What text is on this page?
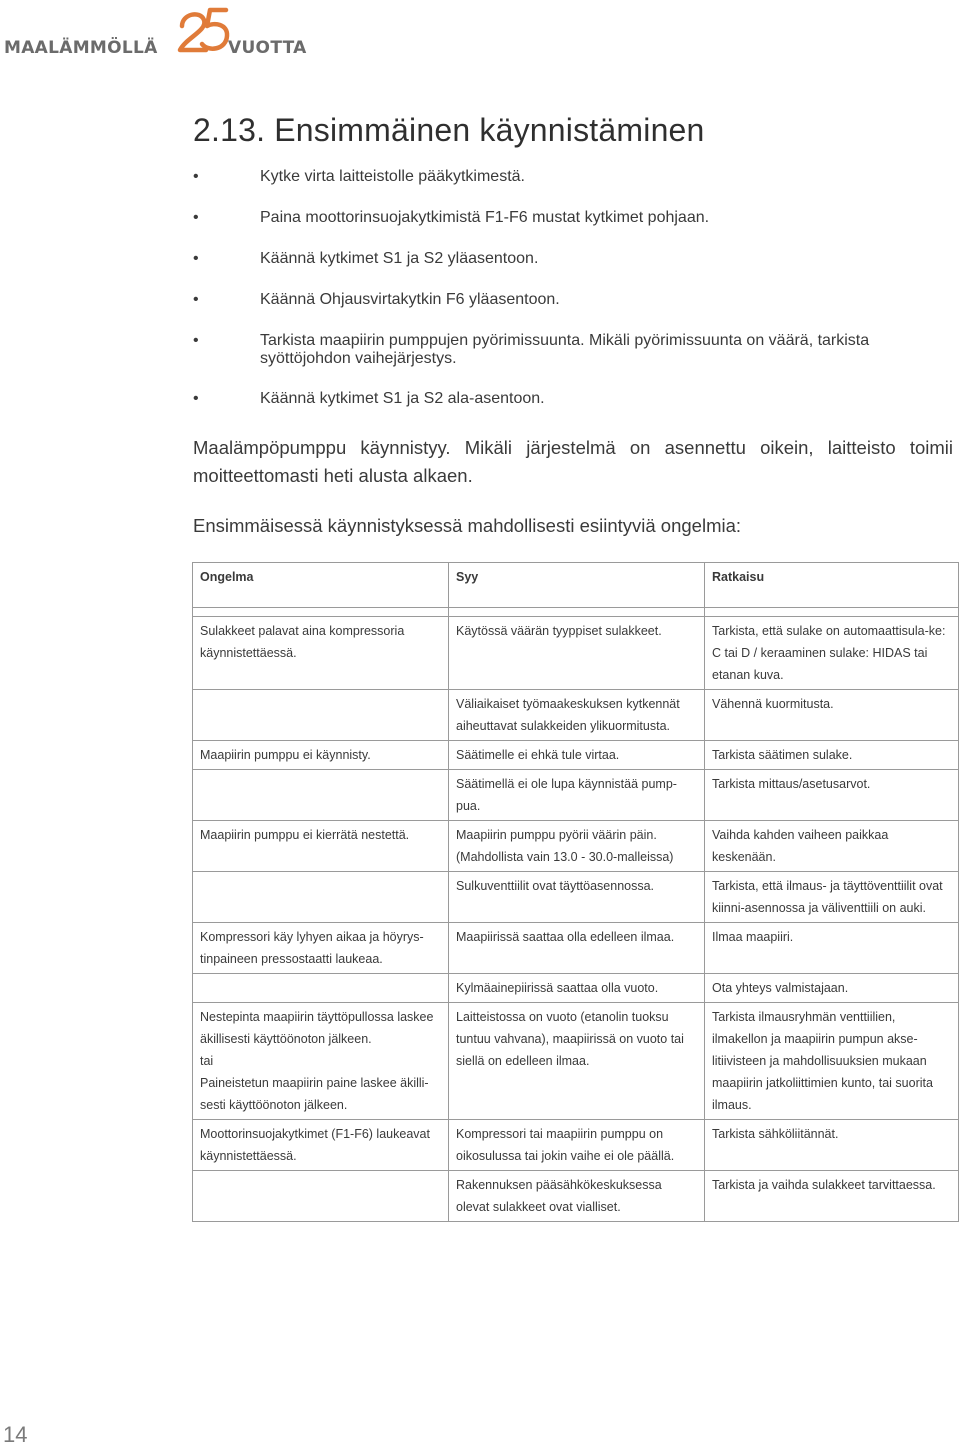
MAALÄMMÖLLÄ	25 VUOTTA
2.13. Ensimmäinen käynnistäminen
•	Kytke virta laitteistolle pääkytkimestä.
•	Paina moottorinsuojakytkimistä F1-F6 mustat kytkimet pohjaan.
•	Käännä kytkimet S1 ja S2 yläasentoon.
•	Käännä Ohjausvirtakytkin F6 yläasentoon.
•	Tarkista maapiirin pumppujen pyörimissuunta. Mikäli pyörimissuunta on väärä, tarkista syöttöjohdon vaihejärjestys.
•	Käännä kytkimet S1 ja S2 ala-asentoon.

Maalämpöpumppu käynnistyy. Mikäli järjestelmä on asennettu oikein, laitteisto toimii moitteettomasti heti alusta alkaen.

Ensimmäisessä käynnistyksessä mahdollisesti esiintyviä ongelmia:

Ongelma	Syy	Ratkaisu

Sulakkeet palavat aina kompressoria käynnistettäessä.	Käytössä väärän tyyppiset sulakkeet.	Tarkista, että sulake on automaattisula-ke: C tai D / keraaminen sulake: HIDAS tai etanan kuva.
	Väliaikaiset työmaakeskuksen kytkennät aiheuttavat sulakkeiden ylikuormitusta.	Vähennä kuormitusta.
Maapiirin pumppu ei käynnisty.	Säätimelle ei ehkä tule virtaa.	Tarkista säätimen sulake.
	Säätimellä ei ole lupa käynnistää pump-pua.	Tarkista mittaus/asetusarvot.
Maapiirin pumppu ei kierrätä nestettä.	Maapiirin pumppu pyörii väärin päin. (Mahdollista vain 13.0 - 30.0-malleissa)	Vaihda kahden vaiheen paikkaa keskenään.
	Sulkuventtiilit ovat täyttöasennossa.	Tarkista, että ilmaus- ja täyttöventtiilit ovat kiinni-asennossa ja väliventtiili on auki.
Kompressori käy lyhyen aikaa ja höyrys-tinpaineen pressostaatti laukeaa.	Maapiirissä saattaa olla edelleen ilmaa.	Ilmaa maapiiri.
	Kylmäainepiirissä saattaa olla vuoto.	Ota yhteys valmistajaan.
Nestepinta maapiirin täyttöpullossa laskee äkillisesti käyttöönoton jälkeen.
tai
Paineistetun maapiirin paine laskee äkilli-sesti käyttöönoton jälkeen.	Laitteistossa on vuoto (etanolin tuoksu tuntuu vahvana), maapiirissä on vuoto tai siellä on edelleen ilmaa.	Tarkista ilmausryhmän venttiilien, ilmakellon ja maapiirin pumpun akse-litiivisteen ja mahdollisuuksien mukaan maapiirin jatkoliittimien kunto, tai suorita ilmaus.
Moottorinsuojakytkimet (F1-F6) laukeavat käynnistettäessä.	Kompressori tai maapiirin pumppu on oikosulussa tai jokin vaihe ei ole päällä.	Tarkista sähköliitännät.
	Rakennuksen pääsähkökeskuksessa olevat sulakkeet ovat vialliset.	Tarkista ja vaihda sulakkeet tarvittaessa.
14
